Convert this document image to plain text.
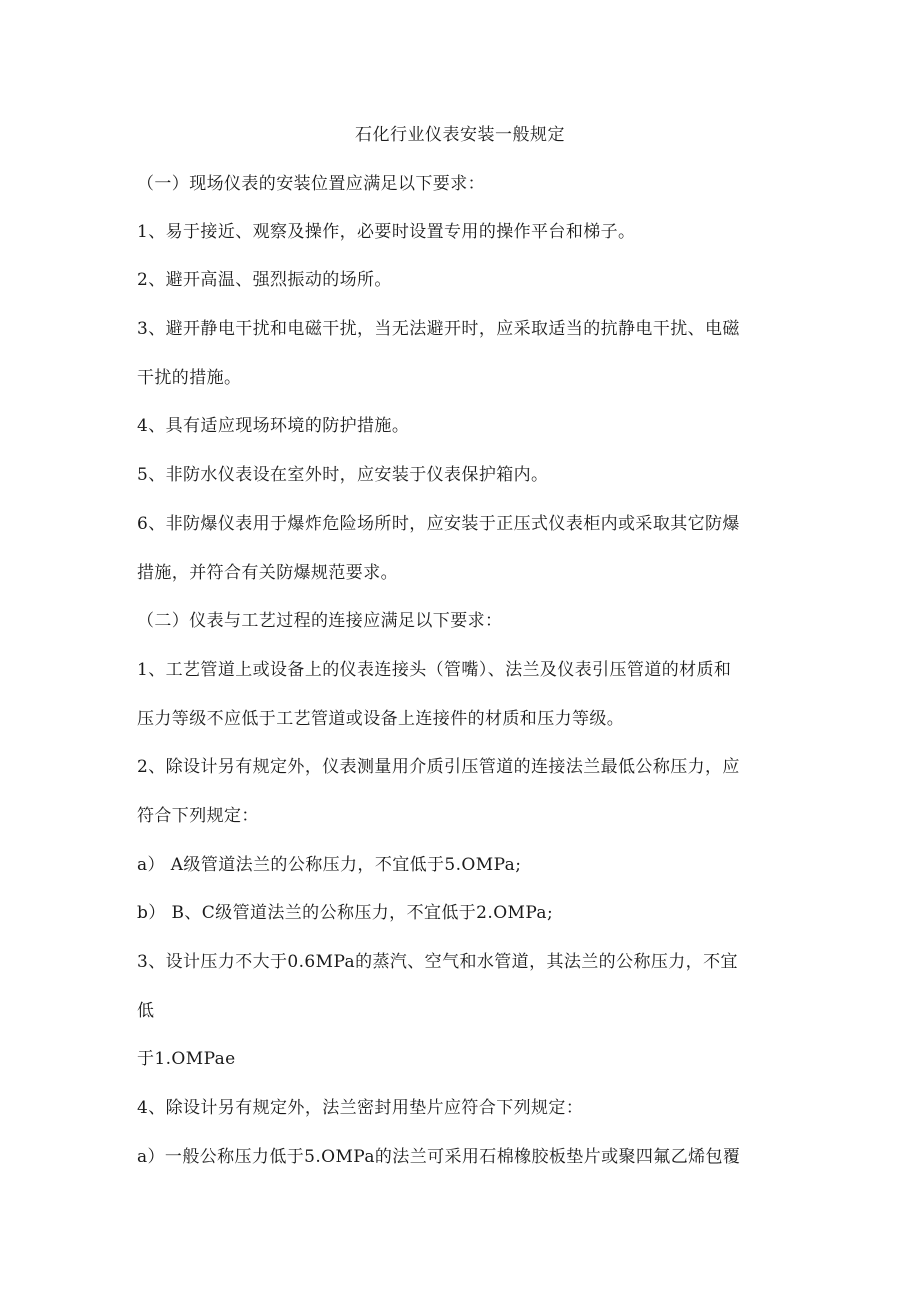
石化行业仪表安装一般规定
（一）现场仪表的安装位置应满足以下要求：
1、易于接近、观察及操作，必要时设置专用的操作平台和梯子。
2、避开高温、强烈振动的场所。
3、避开静电干扰和电磁干扰，当无法避开时，应采取适当的抗静电干扰、电磁
干扰的措施。
4、具有适应现场环境的防护措施。
5、非防水仪表设在室外时，应安装于仪表保护箱内。
6、非防爆仪表用于爆炸危险场所时，应安装于正压式仪表柜内或采取其它防爆
措施，并符合有关防爆规范要求。
（二）仪表与工艺过程的连接应满足以下要求：
1、工艺管道上或设备上的仪表连接头（管嘴）、法兰及仪表引压管道的材质和
压力等级不应低于工艺管道或设备上连接件的材质和压力等级。
2、除设计另有规定外，仪表测量用介质引压管道的连接法兰最低公称压力，应
符合下列规定：
a） A级管道法兰的公称压力，不宜低于5.OMPa;
b） B、C级管道法兰的公称压力，不宜低于2.OMPa;
3、设计压力不大于0.6MPa的蒸汽、空气和水管道，其法兰的公称压力，不宜
低
于1.OMPae
4、除设计另有规定外，法兰密封用垫片应符合下列规定：
a）一般公称压力低于5.OMPa的法兰可采用石棉橡胶板垫片或聚四氟乙烯包覆
